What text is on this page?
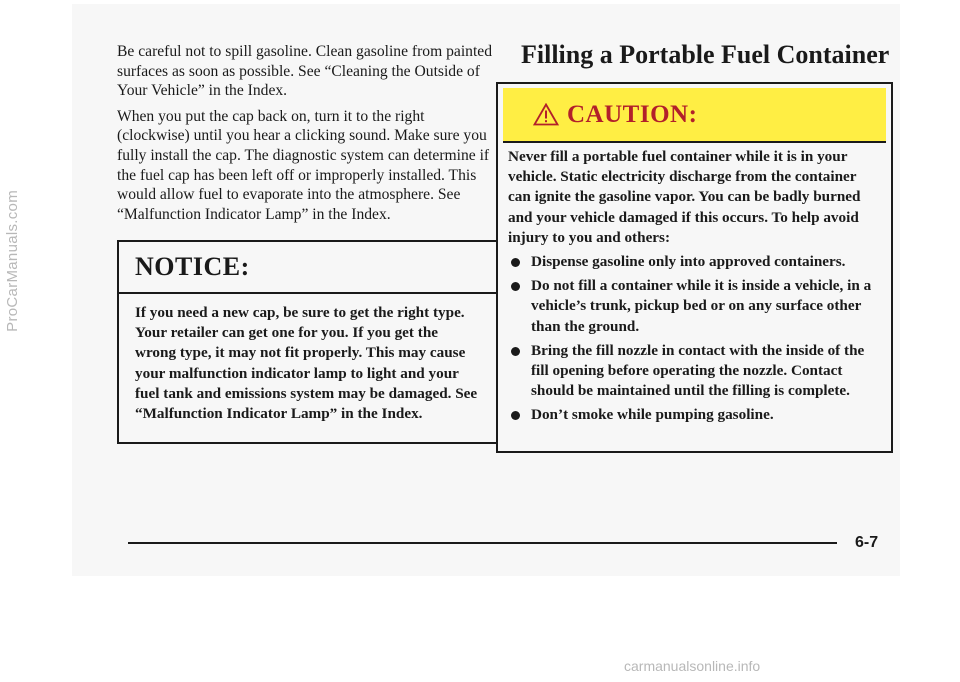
ProCarManuals.com
carmanualsonline.info

Be careful not to spill gasoline. Clean gasoline from painted surfaces as soon as possible. See “Cleaning the Outside of Your Vehicle” in the Index.

When you put the cap back on, turn it to the right (clockwise) until you hear a clicking sound. Make sure you fully install the cap. The diagnostic system can determine if the fuel cap has been left off or improperly installed. This would allow fuel to evaporate into the atmosphere. See “Malfunction Indicator Lamp” in the Index.

NOTICE:
If you need a new cap, be sure to get the right type. Your retailer can get one for you. If you get the wrong type, it may not fit properly. This may cause your malfunction indicator lamp to light and your fuel tank and emissions system may be damaged. See “Malfunction Indicator Lamp” in the Index.
Filling a Portable Fuel Container
CAUTION:

Never fill a portable fuel container while it is in your vehicle. Static electricity discharge from the container can ignite the gasoline vapor. You can be badly burned and your vehicle damaged if this occurs. To help avoid injury to you and others:

Dispense gasoline only into approved containers.
Do not fill a container while it is inside a vehicle, in a vehicle’s trunk, pickup bed or on any surface other than the ground.
Bring the fill nozzle in contact with the inside of the fill opening before operating the nozzle. Contact should be maintained until the filling is complete.
Don’t smoke while pumping gasoline.
6-7
